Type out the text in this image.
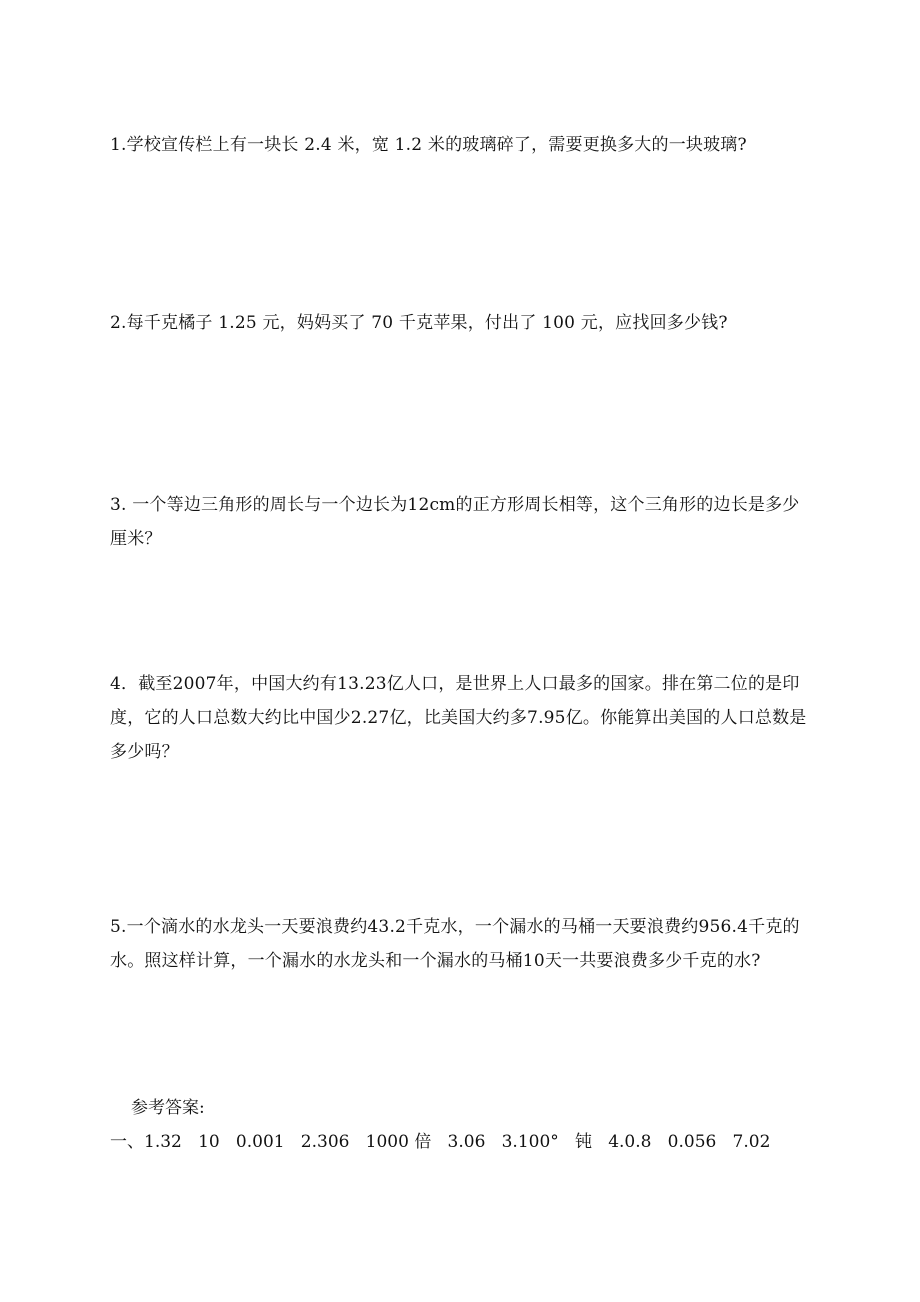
1.学校宣传栏上有一块长 2.4 米，宽 1.2 米的玻璃碎了，需要更换多大的一块玻璃?

2.每千克橘子 1.25 元，妈妈买了 70 千克苹果，付出了 100 元，应找回多少钱?

3. 一个等边三角形的周长与一个边长为12cm的正方形周长相等，这个三角形的边长是多少厘米？

4．截至2007年，中国大约有13.23亿人口，是世界上人口最多的国家。排在第二位的是印度，它的人口总数大约比中国少2.27亿，比美国大约多7.95亿。你能算出美国的人口总数是多少吗？

5.一个滴水的水龙头一天要浪费约43.2千克水，一个漏水的马桶一天要浪费约956.4千克的水。照这样计算，一个漏水的水龙头和一个漏水的马桶10天一共要浪费多少千克的水?

参考答案:

一、1.32   10   0.001   2.306   1000 倍   3.06   3.100°   钝   4.0.8   0.056   7.02
